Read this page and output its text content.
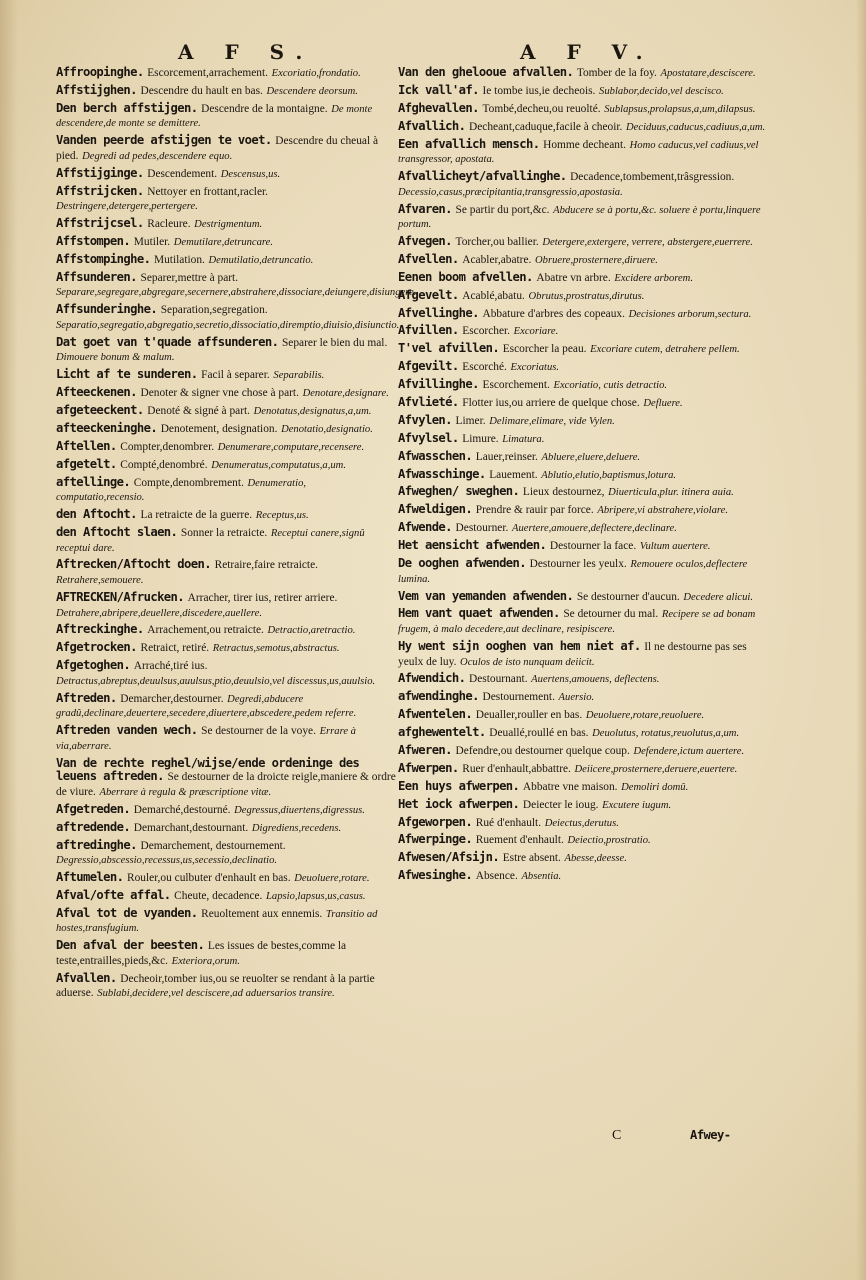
A F S.	A F V.
Affroopinghe. Escorcement,arrachement. Excoriatio,frondatio.
Affstijghen. Descendre du hault en bas. Descendere deorsum.
Den berch affstijgen. Descendre de la montaigne. De monte descendere,de monte se demittere.
Vanden peerde afstijgen te voet. Descendre du cheual à pied. Degredi ad pedes,descendere equo.
Affstijginge. Descendement. Descensus,us.
Affstrijcken. Nettoyer en frottant,racler. Destringere,detergere,pertergere.
Affstrijcsel. Racleure. Destrigmentum.
Affstompen. Mutiler. Demutilare,detruncare.
Affstompinghe. Mutilation. Demutilatio,detruncatio.
Affsunderen. Separer,mettre à part. Separare,segregare,abgregare,secernere,abstrahere,dissociare,deiungere,disiungere.
Affsunderinghe. Separation,segregation. Separatio,segregatio,abgregatio,secretio,dissociatio,diremptio,diuisio,disiunctio.
Dat goet van t'quade affsunderen. Separer le bien du mal. Dimouere bonum & malum.
Licht af te sunderen. Facil à separer. Separabilis.
Afteeckenen. Denoter & signer vne chose à part. Denotare,designare.
afgeteeckent. Denoté & signé à part. Denotatus,designatus,a,um.
afteeckeninghe. Denotement, designation. Denotatio,designatio.
Aftellen. Compter,denombrer. Denumerare,computare,recensere.
afgetelt. Compté,denombré. Denumeratus,computatus,a,um.
aftellinge. Compte,denombrement. Denumeratio, computatio,recensio.
den Aftocht. La retraicte de la guerre. Receptus,us.
den Aftocht slaen. Sonner la retraicte. Receptui canere,signû receptui dare.
Aftrecken/Aftocht doen. Retraire,faire retraicte. Retrahere,semouere.
AFTRECKEN/Afrucken. Arracher, tirer ius, retirer arriere. Detrahere,abripere,deuellere,discedere,auellere.
Aftreckinghe. Arrachement,ou retraicte. Detractio,aretractio.
Afgetrocken. Retraict, retiré. Retractus,semotus,abstractus.
Afgetoghen. Arraché,tiré ius. Detractus,abreptus,deuulsus,auulsus,ptio,deuulsio,vel discessus,us,auulsio.
Aftreden. Demarcher,destourner. Degredi,abducere gradû,declinare,deuertere,secedere,diuertere,abscedere,pedem referre.
Aftreden vanden wech. Se destourner de la voye. Errare à via,aberrare.
Van de rechte reghel/wijse/ende ordeninge des leuens aftreden. Se destourner de la droicte reigle,maniere & ordre de viure. Aberrare à regula & præscriptione vitæ.
Afgetreden. Demarché,destourné. Degressus,diuertens,digressus.
aftredende. Demarchant,destournant. Digrediens,recedens.
aftredinghe. Demarchement, destournement. Degressio,abscessio,recessus,us,secessio,declinatio.
Aftumelen. Rouler,ou culbuter d'enhault en bas. Deuoluere,rotare.
Afval/ofte affal. Cheute, decadence. Lapsio,lapsus,us,casus.
Afval tot de vyanden. Reuoltement aux ennemis. Transitio ad hostes,transfugium.
Den afval der beesten. Les issues de bestes,comme la teste,entrailles,pieds,&c. Exteriora,orum.
Afvallen. Decheoir,tomber ius,ou se reuolter se rendant à la partie aduerse. Sublabi,decidere,vel desciscere,ad aduersarios transire.
Van den ghelooue afvallen. Tomber de la foy. Apostatare,desciscere.
Ick vall'af. Ie tombe ius,ie decheois. Sublabor,decido,vel descisco.
Afghevallen. Tombé,decheu,ou reuolté. Sublapsus,prolapsus,a,um,dilapsus.
Afvallich. Decheant,caduque,facile à cheoir. Deciduus,caducus,cadiuus,a,um.
Een afvallich mensch. Homme decheant. Homo caducus,vel cadiuus,vel transgressor, apostata.
Afvallicheyt/afvallinghe. Decadence,tombement,trâsgression. Decessio,casus,præcipitantia,transgressio,apostasia.
Afvaren. Se partir du port,&c. Abducere se à portu,&c. soluere è portu,linquere portum.
Afvegen. Torcher,ou ballier. Detergere,extergere, verrere, abstergere,euerrere.
Afvellen. Acabler,abatre. Obruere,prosternere,diruere.
Eenen boom afvellen. Abatre vn arbre. Excidere arborem.
Afgevelt. Acablé,abatu. Obrutus,prostratus,dirutus.
Afvellinghe. Abbature d'arbres des copeaux. Decisiones arborum,sectura.
Afvillen. Escorcher. Excoriare.
T'vel afvillen. Escorcher la peau. Excoriare cutem, detrahere pellem.
Afgevilt. Escorché. Excoriatus.
Afvillinghe. Escorchement. Excoriatio, cutis detractio.
Afvlieté. Flotter ius,ou arriere de quelque chose. Defluere.
Afvylen. Limer. Delimare,elimare, vide Vylen.
Afvylsel. Limure. Limatura.
Afwasschen. Lauer,reinser. Abluere,eluere,deluere.
Afwasschinge. Lauement. Ablutio,elutio,baptismus,lotura.
Afweghen/ sweghen. Lieux destournez, Diuerticula,plur. itinera auia.
Afweldigen. Prendre & rauir par force. Abripere,vi abstrahere,violare.
Afwende. Destourner. Auertere,amouere,deflectere,declinare.
Het aensicht afwenden. Destourner la face. Vultum auertere.
De ooghen afwenden. Destourner les yeulx. Remouere oculos,deflectere lumina.
Vem van yemanden afwenden. Se destourner d'aucun. Decedere alicui.
Hem vant quaet afwenden. Se detourner du mal. Recipere se ad bonam frugem, à malo decedere,aut declinare, resipiscere.
Hy went sijn ooghen van hem niet af. Il ne destourne pas ses yeulx de luy. Oculos de isto nunquam deiicit.
Afwendich. Destournant. Auertens,amouens, deflectens.
afwendinghe. Destournement. Auersio.
Afwentelen. Deualler,rouller en bas. Deuoluere,rotare,reuoluere.
afghewentelt. Deuallé,roullé en bas. Deuolutus, rotatus,reuolutus,a,um.
Afweren. Defendre,ou destourner quelque coup. Defendere,ictum auertere.
Afwerpen. Ruer d'enhault,abbattre. Deiicere,prosternere,deruere,euertere.
Een huys afwerpen. Abbatre vne maison. Demoliri domû.
Het iock afwerpen. Deiecter le ioug. Excutere iugum.
Afgeworpen. Rué d'enhault. Deiectus,derutus.
Afwerpinge. Ruement d'enhault. Deiectio,prostratio.
Afwesen/Afsijn. Estre absent. Abesse,deesse.
Afwesinghe. Absence. Absentia.
C	Afwey-
